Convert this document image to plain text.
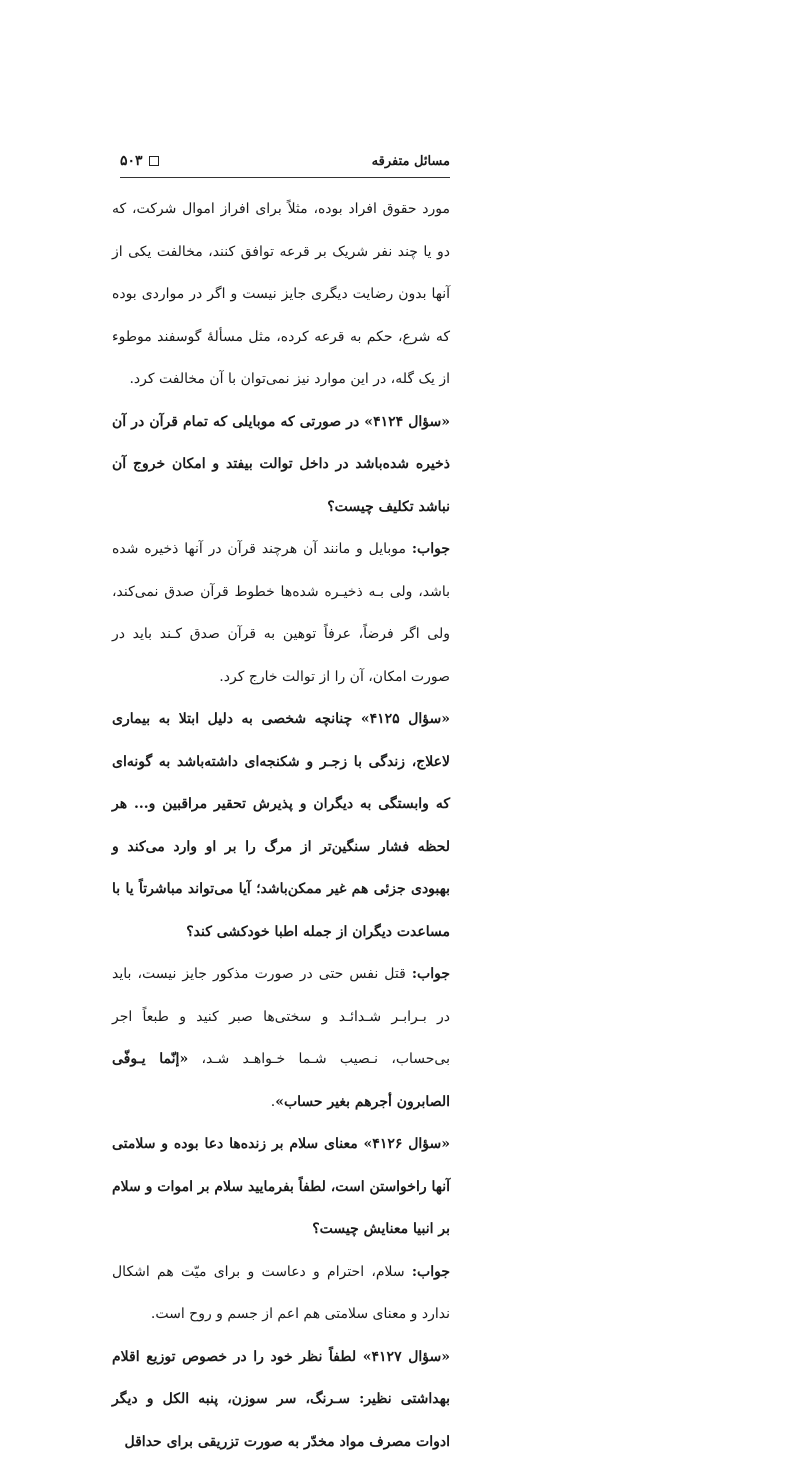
۵۰۳	مسائل متفرقه

مورد حقوق افراد بوده، مثلاً برای افراز اموال شرکت، که دو یا چند نفر شریک بر قرعه توافق کنند، مخالفت یکی از آنها بدون رضایت دیگری جایز نیست و اگر در مواردی بوده که شرع، حکم به قرعه کرده، مثل مسألهٔ گوسفند موطوء از یک گله، در این موارد نیز نمی‌توان با آن مخالفت کرد.

«سؤال ۴۱۲۴» در صورتی که موبایلی که تمام قرآن در آن ذخیره شده‌باشد در داخل توالت بیفتد و امکان خروج آن نباشد تکلیف چیست؟

جواب: موبایل و مانند آن هرچند قرآن در آنها ذخیره شده باشد، ولی بـه ذخیـره شده‌ها خطوط قرآن صدق نمی‌کند، ولی اگر فرضاً، عرفاً توهین به قرآن صدق کـند باید در صورت امکان، آن را از توالت خارج کرد.

«سؤال ۴۱۲۵» چنانچه شخصی به دلیل ابتلا به بیماری لاعلاج، زندگی با زجـر و شکنجه‌ای داشته‌باشد به گونه‌ای که وابستگی به دیگران و پذیرش تحقیر مراقبین و... هر لحظه فشار سنگین‌تر از مرگ را بر او وارد می‌کند و بهبودی جزئی هم غیر ممکن‌باشد؛ آیا می‌تواند مباشرتاً یا با مساعدت دیگران از جمله اطبا خودکشی کند؟

جواب: قتل نفس حتی در صورت مذکور جایز نیست، باید در بـرابـر شـدائـد و سختی‌ها صبر کنید و طبعاً اجر بی‌حساب، نـصیب شـما خـواهـد شـد، «إنّما يـوفّى الصابرون أجرهم بغير حساب».

«سؤال ۴۱۲۶» معنای سلام بر زنده‌ها دعا بوده و سلامتی آنها راخواستن است، لطفاً بفرمایید سلام بر اموات و سلام بر انبیا معنایش چیست؟

جواب: سلام، احترام و دعاست و برای میّت هم اشکال ندارد و معنای سلامتی هم اعم از جسم و روح است.

«سؤال ۴۱۲۷» لطفاً نظر خود را در خصوص توزیع اقلام بهداشتی نظیر: سـرنگ، سر سوزن، پنبه الکل و دیگر ادوات مصرف مواد مخدّر به صورت تزریقی برای حداقل
